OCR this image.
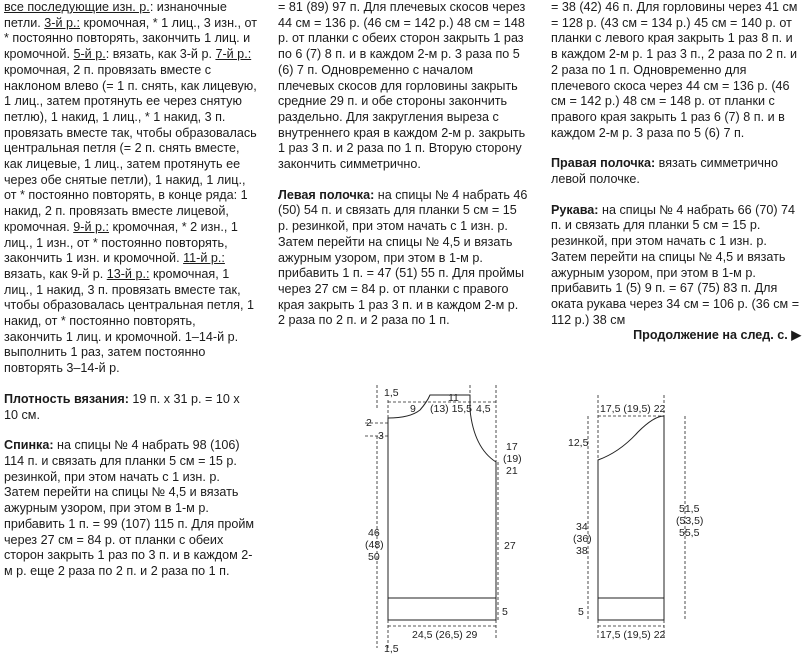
все последующие изн. р.: изнаночные петли. 3-й р.: кромочная, * 1 лиц., 3 изн., от * постоянно повторять, закончить 1 лиц. и кромочной. 5-й р.: вязать, как 3-й р. 7-й р.: кромочная, 2 п. провязать вместе с наклоном влево (= 1 п. снять, как лицевую, 1 лиц., затем протянуть ее через снятую петлю), 1 накид, 1 лиц., * 1 накид, 3 п. провязать вместе так, чтобы образовалась центральная петля (= 2 п. снять вместе, как лицевые, 1 лиц., затем протянуть ее через обе снятые петли), 1 накид, 1 лиц., от * постоянно повторять, в конце ряда: 1 накид, 2 п. провязать вместе лицевой, кромочная. 9-й р.: кромочная, * 2 изн., 1 лиц., 1 изн., от * постоянно повторять, закончить 1 изн. и кромочной. 11-й р.: вязать, как 9-й р. 13-й р.: кромочная, 1 лиц., 1 накид, 3 п. провязать вместе так, чтобы образовалась центральная петля, 1 накид, от * постоянно повторять, закончить 1 лиц. и кромочной. 1–14-й р. выполнить 1 раз, затем постоянно повторять 3–14-й р.

Плотность вязания: 19 п. x 31 р. = 10 x 10 см.

Спинка: на спицы № 4 набрать 98 (106) 114 п. и связать для планки 5 см = 15 р. резинкой, при этом начать с 1 изн. р. Затем перейти на спицы № 4,5 и вязать ажурным узором, при этом в 1-м р. прибавить 1 п. = 99 (107) 115 п. Для пройм через 27 см = 84 р. от планки с обеих сторон закрыть 1 раз по 3 п. и в каждом 2-м р. еще 2 раза по 2 п. и 2 раза по 1 п.

= 81 (89) 97 п. Для плечевых скосов через 44 см = 136 р. (46 см = 142 р.) 48 см = 148 р. от планки с обеих сторон закрыть 1 раз по 6 (7) 8 п. и в каждом 2-м р. 3 раза по 5 (6) 7 п. Одновременно с началом плечевых скосов для горловины закрыть средние 29 п. и обе стороны закончить раздельно. Для закругления выреза с внутреннего края в каждом 2-м р. закрыть 1 раз 3 п. и 2 раза по 1 п. Вторую сторону закончить симметрично.

Левая полочка: на спицы № 4 набрать 46 (50) 54 п. и связать для планки 5 см = 15 р. резинкой, при этом начать с 1 изн. р. Затем перейти на спицы № 4,5 и вязать ажурным узором, при этом в 1-м р. прибавить 1 п. = 47 (51) 55 п. Для проймы через 27 см = 84 р. от планки с правого края закрыть 1 раз 3 п. и в каждом 2-м р. 2 раза по 2 п. и 2 раза по 1 п.

= 38 (42) 46 п. Для горловины через 41 см = 128 р. (43 см = 134 р.) 45 см = 140 р. от планки с левого края закрыть 1 раз 8 п. и в каждом 2-м р. 1 раз 3 п., 2 раза по 2 п. и 2 раза по 1 п. Одновременно для плечевого скоса через 44 см = 136 р. (46 см = 142 р.) 48 см = 148 р. от планки с правого края закрыть 1 раз 6 (7) 8 п. и в каждом 2-м р. 3 раза по 5 (6) 7 п.

Правая полочка: вязать симметрично левой полочке.

Рукава: на спицы № 4 набрать 66 (70) 74 п. и связать для планки 5 см = 15 р. резинкой, при этом начать с 1 изн. р. Затем перейти на спицы № 4,5 и вязать ажурным узором, при этом в 1-м р. прибавить 1 (5) 9 п. = 67 (75) 83 п. Для оката рукава через 34 см = 106 р. (36 см = 112 р.) 38 см

Продолжение на след. с. ▶

1,5
9
11
(13) 15,5 4,5
2
3
17
(19)
21
46
(48)
50
27
5
24,5 (26,5) 29
1,5
17,5 (19,5) 22
12,5
34
(36)
38
51,5
(53,5)
55,5
5
17,5 (19,5) 22
